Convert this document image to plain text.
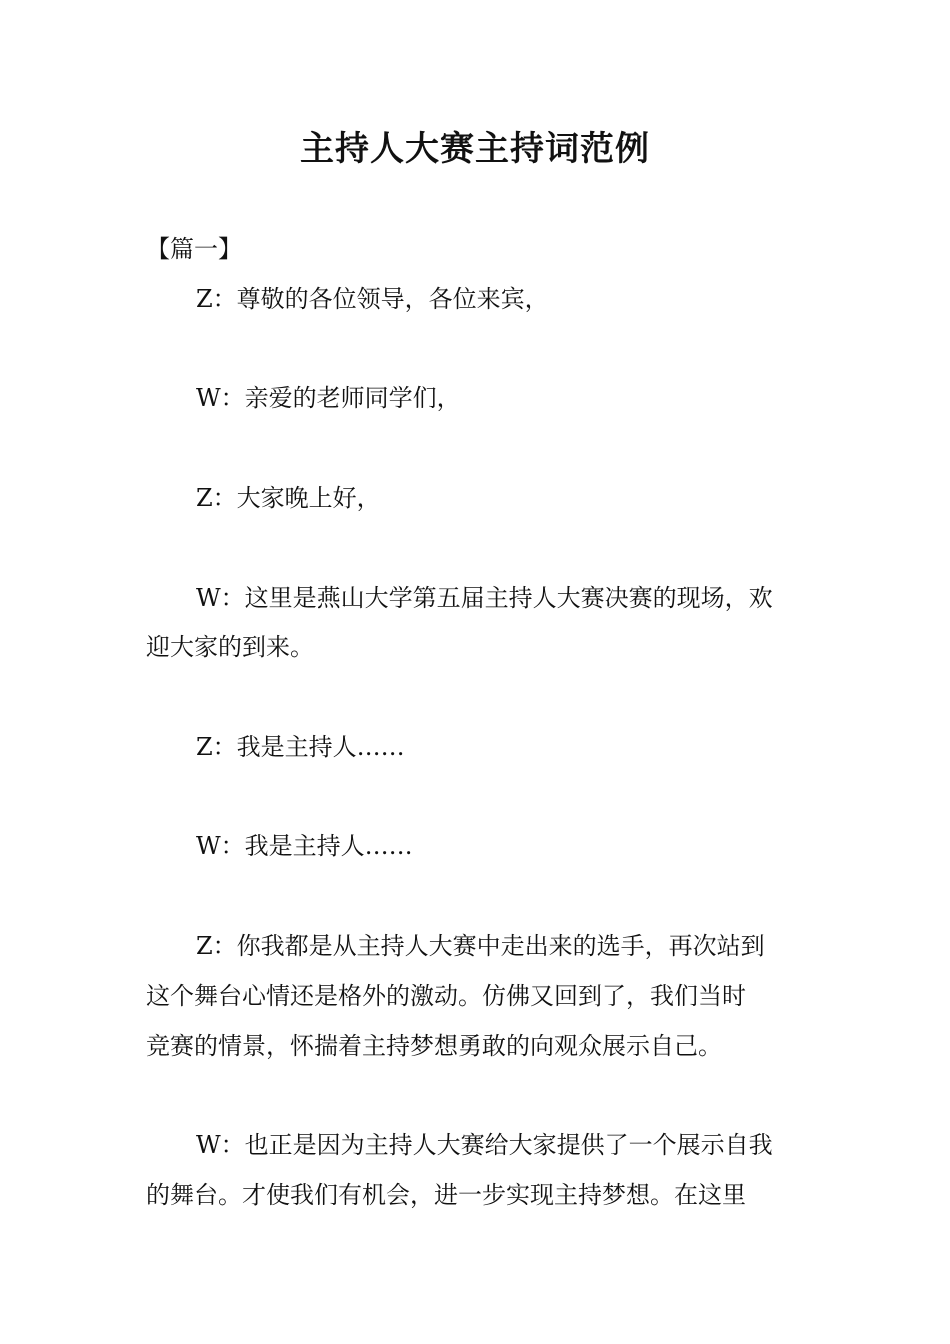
主持人大赛主持词范例
【篇一】
Z：尊敬的各位领导，各位来宾，
W：亲爱的老师同学们，
Z：大家晚上好，
W：这里是燕山大学第五届主持人大赛决赛的现场，欢
迎大家的到来。
Z：我是主持人……
W：我是主持人……
Z：你我都是从主持人大赛中走出来的选手，再次站到
这个舞台心情还是格外的激动。仿佛又回到了，我们当时
竞赛的情景，怀揣着主持梦想勇敢的向观众展示自己。
W：也正是因为主持人大赛给大家提供了一个展示自我
的舞台。才使我们有机会，进一步实现主持梦想。在这里
